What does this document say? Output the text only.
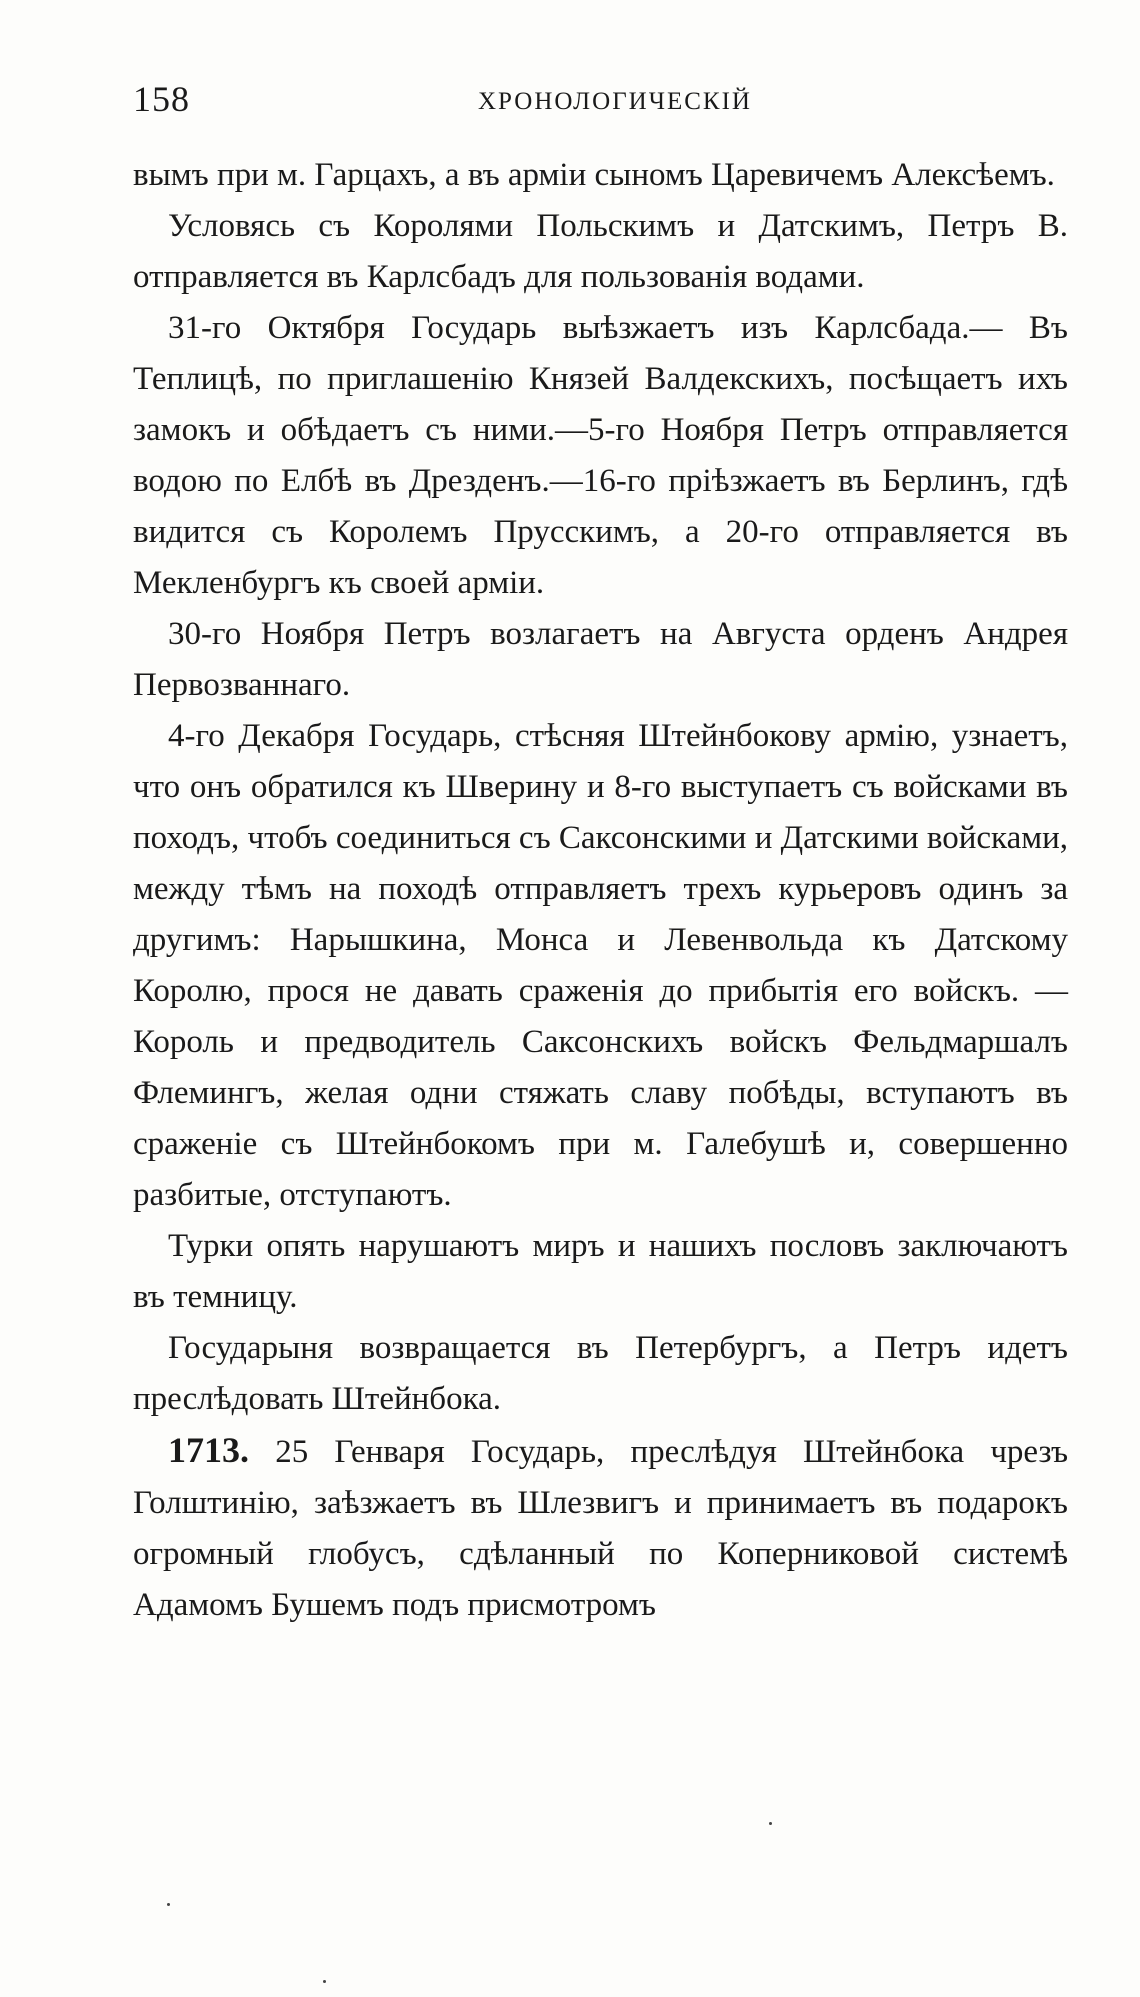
158	ХРОНОЛОГИЧЕСКІЙ

вымъ при м. Гарцахъ, а въ арміи сыномъ Царевичемъ Алексѣемъ.

Условясь съ Королями Польскимъ и Датскимъ, Петръ В. отправляется въ Карлсбадъ для пользованія водами.

31-го Октября Государь выѣзжаетъ изъ Карлсбада.— Въ Теплицѣ, по приглашенію Князей Валдекскихъ, посѣщаетъ ихъ замокъ и обѣдаетъ съ ними.—5-го Ноября Петръ отправляется водою по Елбѣ въ Дрезденъ.—16-го пріѣзжаетъ въ Берлинъ, гдѣ видится съ Королемъ Прусскимъ, а 20-го отправляется въ Мекленбургъ къ своей арміи.

30-го Ноября Петръ возлагаетъ на Августа орденъ Андрея Первозваннаго.

4-го Декабря Государь, стѣсняя Штейнбокову армію, узнаетъ, что онъ обратился къ Шверину и 8-го выступаетъ съ войсками въ походъ, чтобъ соединиться съ Саксонскими и Датскими войсками, между тѣмъ на походѣ отправляетъ трехъ курьеровъ одинъ за другимъ: Нарышкина, Монса и Левенвольда къ Датскому Королю, прося не давать сраженія до прибытія его войскъ. — Король и предводитель Саксонскихъ войскъ Фельдмаршалъ Флемингъ, желая одни стяжать славу побѣды, вступаютъ въ сраженіе съ Штейнбокомъ при м. Галебушѣ и, совершенно разбитые, отступаютъ.

Турки опять нарушаютъ миръ и нашихъ пословъ заключаютъ въ темницу.

Государыня возвращается въ Петербургъ, а Петръ идетъ преслѣдовать Штейнбока.

1713. 25 Генваря Государь, преслѣдуя Штейнбока чрезъ Голштинію, заѣзжаетъ въ Шлезвигъ и принимаетъ въ подарокъ огромный глобусъ, сдѣланный по Коперниковой системѣ Адамомъ Бушемъ подъ присмотромъ
